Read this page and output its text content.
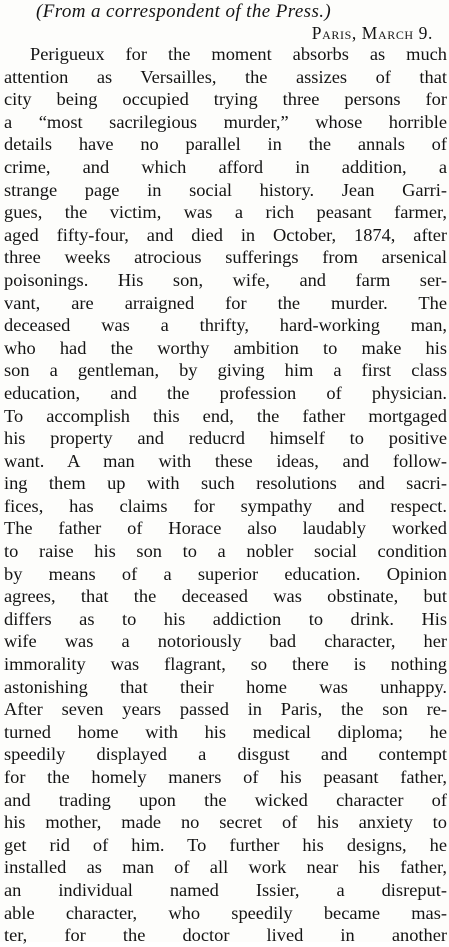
(From a correspondent of the Press.)
Paris, March 9.
Perigueux for the moment absorbs as much
attention as Versailles, the assizes of that
city being occupied trying three persons for
a “most sacrilegious murder,” whose horrible
details have no parallel in the annals of
crime, and which afford in addition, a
strange page in social history. Jean Garri-
gues, the victim, was a rich peasant farmer,
aged fifty-four, and died in October, 1874, after
three weeks atrocious sufferings from arsenical
poisonings. His son, wife, and farm ser-
vant, are arraigned for the murder. The
deceased was a thrifty, hard-working man,
who had the worthy ambition to make his
son a gentleman, by giving him a first class
education, and the profession of physician.
To accomplish this end, the father mortgaged
his property and reducrd himself to positive
want. A man with these ideas, and follow-
ing them up with such resolutions and sacri-
fices, has claims for sympathy and respect.
The father of Horace also laudably worked
to raise his son to a nobler social condition
by means of a superior education. Opinion
agrees, that the deceased was obstinate, but
differs as to his addiction to drink. His
wife was a notoriously bad character, her
immorality was flagrant, so there is nothing
astonishing that their home was unhappy.
After seven years passed in Paris, the son re-
turned home with his medical diploma; he
speedily displayed a disgust and contempt
for the homely maners of his peasant father,
and trading upon the wicked character of
his mother, made no secret of his anxiety to
get rid of him. To further his designs, he
installed as man of all work near his father,
an individual named Issier, a disreput-
able character, who speedily became mas-
ter, for the doctor lived in another
